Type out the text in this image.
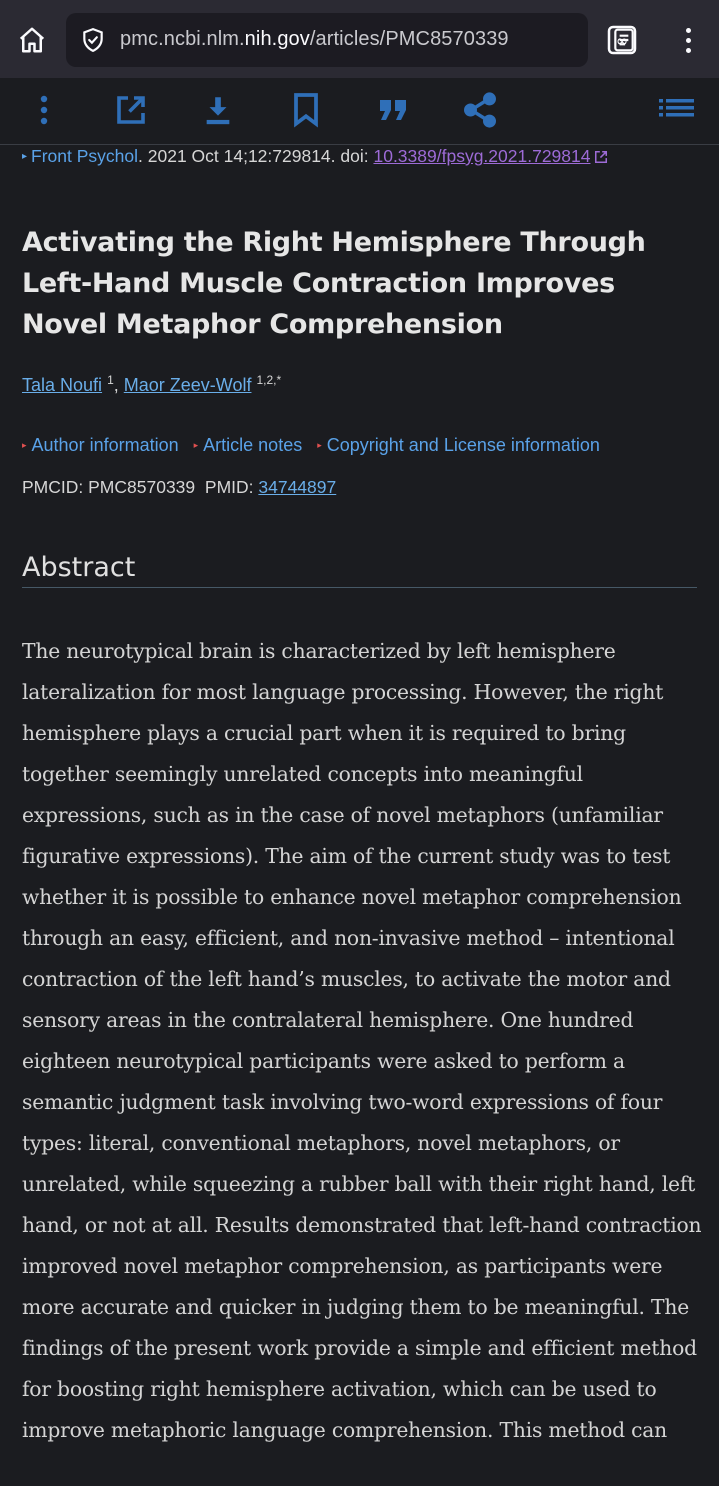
pmc.ncbi.nlm.nih.gov/articles/PMC8570339	∞
▸ Front Psychol. 2021 Oct 14;12:729814. doi: 10.3389/fpsyg.2021.729814
Activating the Right Hemisphere Through Left-Hand Muscle Contraction Improves Novel Metaphor Comprehension
Tala Noufi $^1$, Maor Zeev-Wolf $^{1,2,*}$
▸ Author information ▸ Article notes ▸ Copyright and License information
PMCID: PMC8570339 PMID: 34744897
Abstract

The neurotypical brain is characterized by left hemisphere lateralization for most language processing. However, the right hemisphere plays a crucial part when it is required to bring together seemingly unrelated concepts into meaningful expressions, such as in the case of novel metaphors (unfamiliar figurative expressions). The aim of the current study was to test whether it is possible to enhance novel metaphor comprehension through an easy, efficient, and non-invasive method – intentional contraction of the left hand’s muscles, to activate the motor and sensory areas in the contralateral hemisphere. One hundred eighteen neurotypical participants were asked to perform a semantic judgment task involving two-word expressions of four types: literal, conventional metaphors, novel metaphors, or unrelated, while squeezing a rubber ball with their right hand, left hand, or not at all. Results demonstrated that left-hand contraction improved novel metaphor comprehension, as participants were more accurate and quicker in judging them to be meaningful. The findings of the present work provide a simple and efficient method for boosting right hemisphere activation, which can be used to improve metaphoric language comprehension. This method can
